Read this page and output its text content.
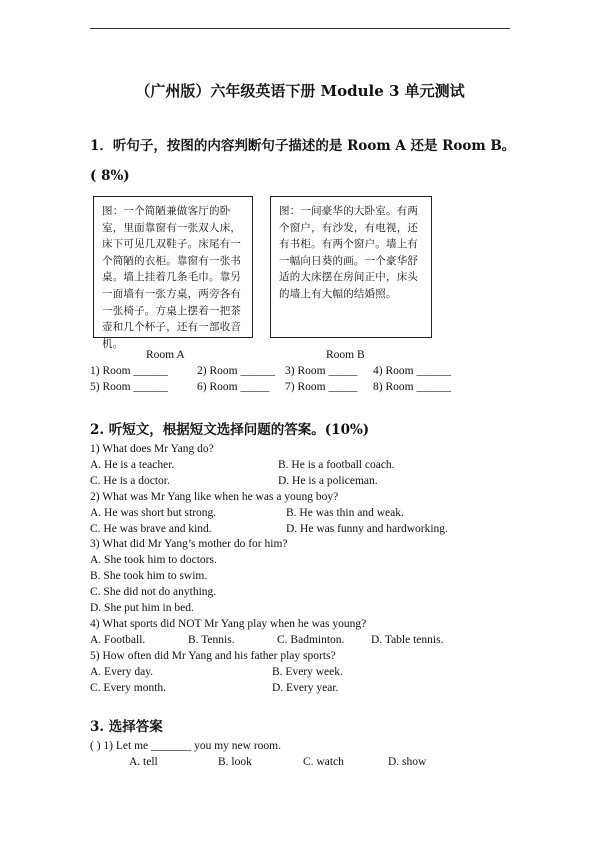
（广州版）六年级英语下册 Module 3 单元测试
1．听句子，按图的内容判断句子描述的是 Room A 还是 Room B。
( 8%)
图：一个简陋兼做客厅的卧室，里面靠窗有一张双人床，床下可见几双鞋子。床尾有一个简陋的衣柜。靠窗有一张书桌。墙上挂着几条毛巾。靠另一面墙有一张方桌，两旁各有一张椅子。方桌上摆着一把茶壶和几个杯子，还有一部收音机。
图：一间豪华的大卧室。有两个窗户，有沙发，有电视，还有书柜。有两个窗户。墙上有一幅向日葵的画。一个豪华舒适的大床摆在房间正中，床头的墙上有大幅的结婚照。
Room A	Room B
1) Room ______	2) Room ______ 3) Room _____ 4) Room ______
5) Room ______	6) Room _____ 7) Room _____ 8) Room ______
2. 听短文，根据短文选择问题的答案。(10%)
1) What does Mr Yang do?
A. He is a teacher.	B. He is a football coach.
C. He is a doctor.	D. He is a policeman.
2) What was Mr Yang like when he was a young boy?
A. He was short but strong.	B. He was thin and weak.
C. He was brave and kind.	D. He was funny and hardworking.
3) What did Mr Yang’s mother do for him?
A. She took him to doctors.
B. She took him to swim.
C. She did not do anything.
D. She put him in bed.
4) What sports did NOT Mr Yang play when he was young?
A. Football.	B. Tennis.	C. Badminton. D. Table tennis.
5) How often did Mr Yang and his father play sports?
A. Every day.	B. Every week.
C. Every month.	D. Every year.
3. 选择答案
( ) 1) Let me _______ you my new room.
A. tell	B. look	C. watch	D. show
